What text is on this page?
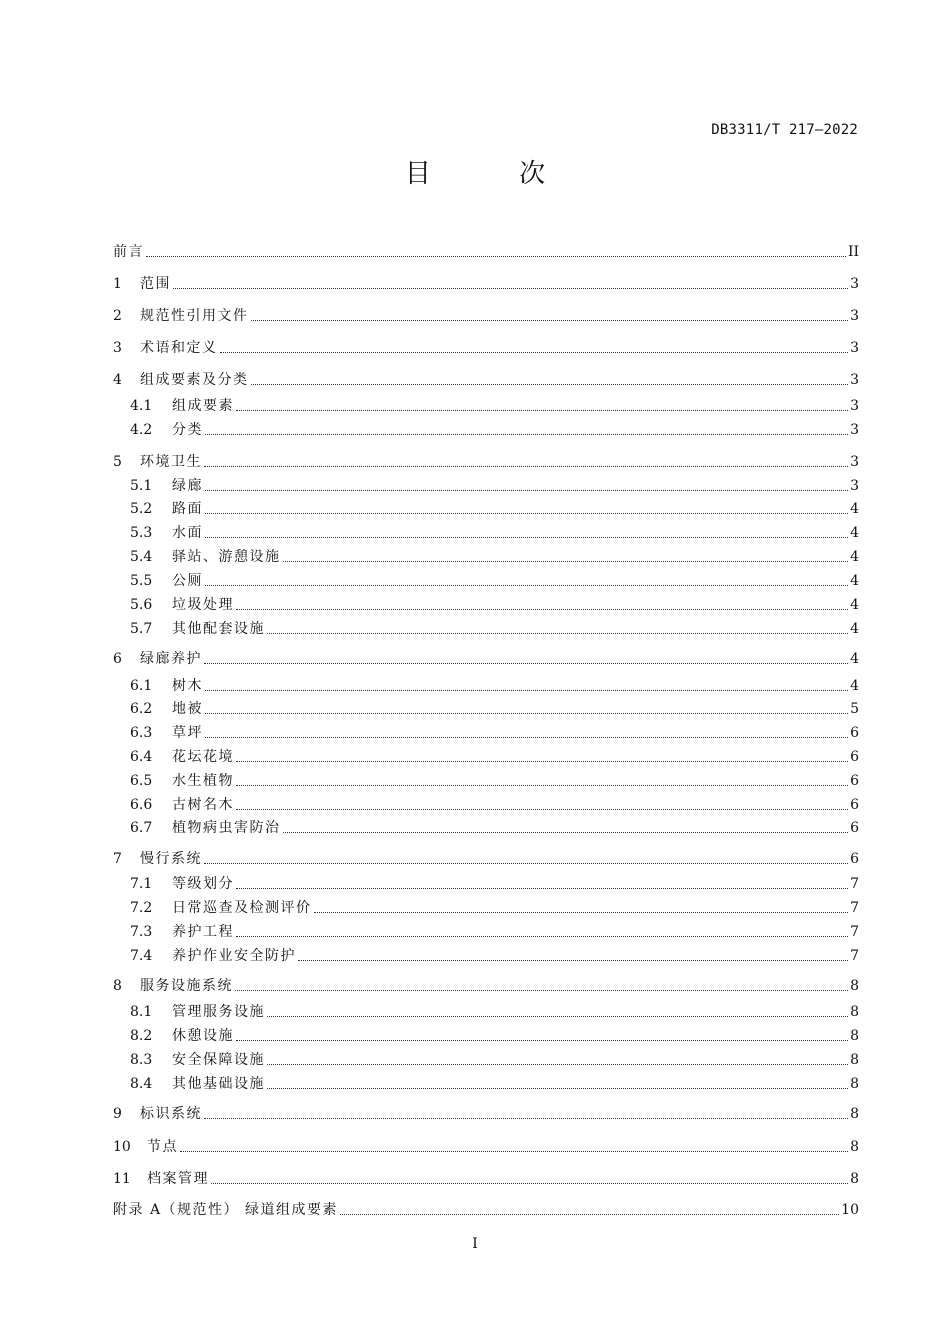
DB3311/T 217—2022
目 次
前言	II
1	范围	3
2	规范性引用文件	3
3	术语和定义	3
4	组成要素及分类	3
4.1	组成要素	3
4.2	分类	3
5	环境卫生	3
5.1	绿廊	3
5.2	路面	4
5.3	水面	4
5.4	驿站、游憩设施	4
5.5	公厕	4
5.6	垃圾处理	4
5.7	其他配套设施	4
6	绿廊养护	4
6.1	树木	4
6.2	地被	5
6.3	草坪	6
6.4	花坛花境	6
6.5	水生植物	6
6.6	古树名木	6
6.7	植物病虫害防治	6
7	慢行系统	6
7.1	等级划分	7
7.2	日常巡查及检测评价	7
7.3	养护工程	7
7.4	养护作业安全防护	7
8	服务设施系统	8
8.1	管理服务设施	8
8.2	休憩设施	8
8.3	安全保障设施	8
8.4	其他基础设施	8
9	标识系统	8
10	节点	8
11	档案管理	8
附录 A（规范性） 绿道组成要素	10
I
